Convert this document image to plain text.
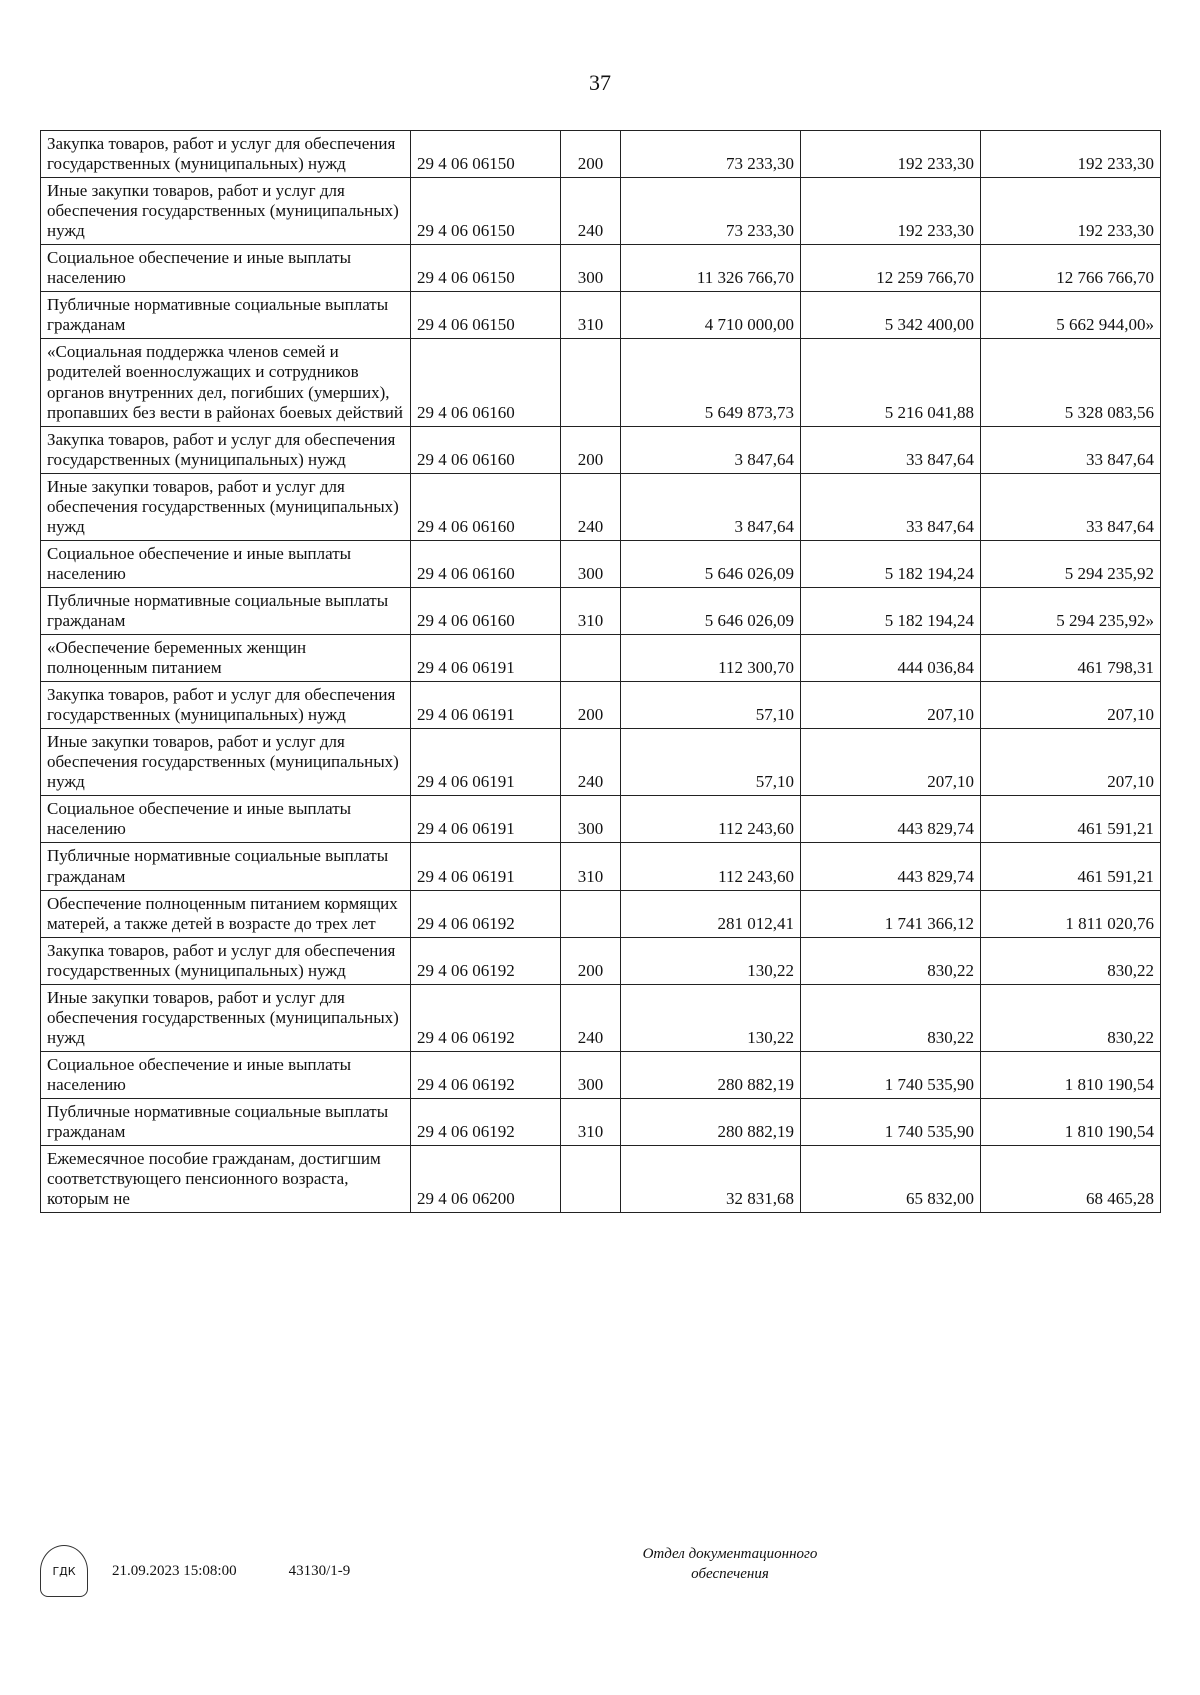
37
Закупка товаров, работ и услуг для обеспечения государственных (муниципальных) нужд	29 4 06 06150	200	73 233,30	192 233,30	192 233,30
Иные закупки товаров, работ и услуг для обеспечения государственных (муниципальных) нужд	29 4 06 06150	240	73 233,30	192 233,30	192 233,30
Социальное обеспечение и иные выплаты населению	29 4 06 06150	300	11 326 766,70	12 259 766,70	12 766 766,70
Публичные нормативные социальные выплаты гражданам	29 4 06 06150	310	4 710 000,00	5 342 400,00	5 662 944,00»
«Социальная поддержка членов семей и родителей военнослужащих и сотрудников органов внутренних дел, погибших (умерших), пропавших без вести в районах боевых действий	29 4 06 06160		5 649 873,73	5 216 041,88	5 328 083,56
Закупка товаров, работ и услуг для обеспечения государственных (муниципальных) нужд	29 4 06 06160	200	3 847,64	33 847,64	33 847,64
Иные закупки товаров, работ и услуг для обеспечения государственных (муниципальных) нужд	29 4 06 06160	240	3 847,64	33 847,64	33 847,64
Социальное обеспечение и иные выплаты населению	29 4 06 06160	300	5 646 026,09	5 182 194,24	5 294 235,92
Публичные нормативные социальные выплаты гражданам	29 4 06 06160	310	5 646 026,09	5 182 194,24	5 294 235,92»
«Обеспечение беременных женщин полноценным питанием	29 4 06 06191		112 300,70	444 036,84	461 798,31
Закупка товаров, работ и услуг для обеспечения государственных (муниципальных) нужд	29 4 06 06191	200	57,10	207,10	207,10
Иные закупки товаров, работ и услуг для обеспечения государственных (муниципальных) нужд	29 4 06 06191	240	57,10	207,10	207,10
Социальное обеспечение и иные выплаты населению	29 4 06 06191	300	112 243,60	443 829,74	461 591,21
Публичные нормативные социальные выплаты гражданам	29 4 06 06191	310	112 243,60	443 829,74	461 591,21
Обеспечение полноценным питанием кормящих матерей, а также детей в возрасте до трех лет	29 4 06 06192		281 012,41	1 741 366,12	1 811 020,76
Закупка товаров, работ и услуг для обеспечения государственных (муниципальных) нужд	29 4 06 06192	200	130,22	830,22	830,22
Иные закупки товаров, работ и услуг для обеспечения государственных (муниципальных) нужд	29 4 06 06192	240	130,22	830,22	830,22
Социальное обеспечение и иные выплаты населению	29 4 06 06192	300	280 882,19	1 740 535,90	1 810 190,54
Публичные нормативные социальные выплаты гражданам	29 4 06 06192	310	280 882,19	1 740 535,90	1 810 190,54
Ежемесячное пособие гражданам, достигшим соответствующего пенсионного возраста, которым не	29 4 06 06200		32 831,68	65 832,00	68 465,28
ГДК 21.09.2023 15:08:00	43130/1-9
Отдел документационного
обеспечения
